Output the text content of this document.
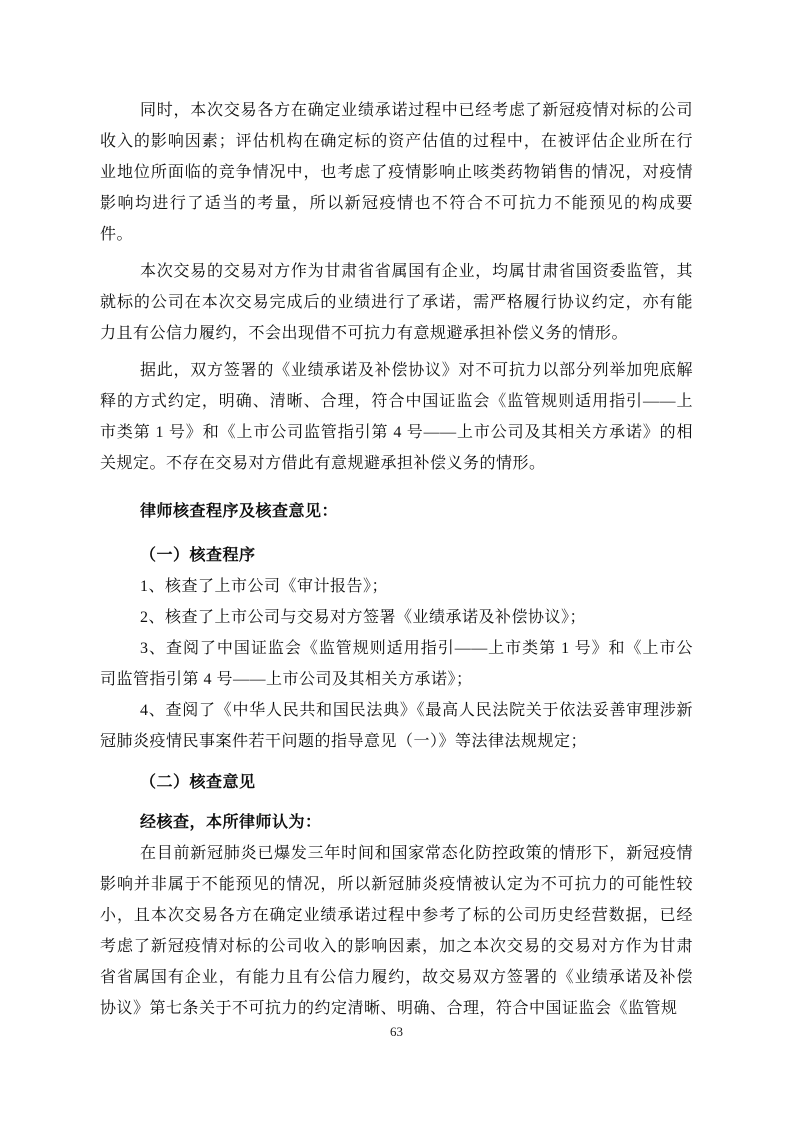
同时，本次交易各方在确定业绩承诺过程中已经考虑了新冠疫情对标的公司收入的影响因素；评估机构在确定标的资产估值的过程中，在被评估企业所在行业地位所面临的竞争情况中，也考虑了疫情影响止咳类药物销售的情况，对疫情影响均进行了适当的考量，所以新冠疫情也不符合不可抗力不能预见的构成要件。

本次交易的交易对方作为甘肃省省属国有企业，均属甘肃省国资委监管，其就标的公司在本次交易完成后的业绩进行了承诺，需严格履行协议约定，亦有能力且有公信力履约，不会出现借不可抗力有意规避承担补偿义务的情形。

据此，双方签署的《业绩承诺及补偿协议》对不可抗力以部分列举加兜底解释的方式约定，明确、清晰、合理，符合中国证监会《监管规则适用指引——上市类第 1 号》和《上市公司监管指引第 4 号——上市公司及其相关方承诺》的相关规定。不存在交易对方借此有意规避承担补偿义务的情形。

律师核查程序及核查意见：

（一）核查程序

1、核查了上市公司《审计报告》；

2、核查了上市公司与交易对方签署《业绩承诺及补偿协议》；

3、查阅了中国证监会《监管规则适用指引——上市类第 1 号》和《上市公司监管指引第 4 号——上市公司及其相关方承诺》；

4、查阅了《中华人民共和国民法典》《最高人民法院关于依法妥善审理涉新冠肺炎疫情民事案件若干问题的指导意见（一）》等法律法规规定；

（二）核查意见

经核查，本所律师认为：

在目前新冠肺炎已爆发三年时间和国家常态化防控政策的情形下，新冠疫情影响并非属于不能预见的情况，所以新冠肺炎疫情被认定为不可抗力的可能性较小，且本次交易各方在确定业绩承诺过程中参考了标的公司历史经营数据，已经考虑了新冠疫情对标的公司收入的影响因素，加之本次交易的交易对方作为甘肃省省属国有企业，有能力且有公信力履约，故交易双方签署的《业绩承诺及补偿协议》第七条关于不可抗力的约定清晰、明确、合理，符合中国证监会《监管规

63
